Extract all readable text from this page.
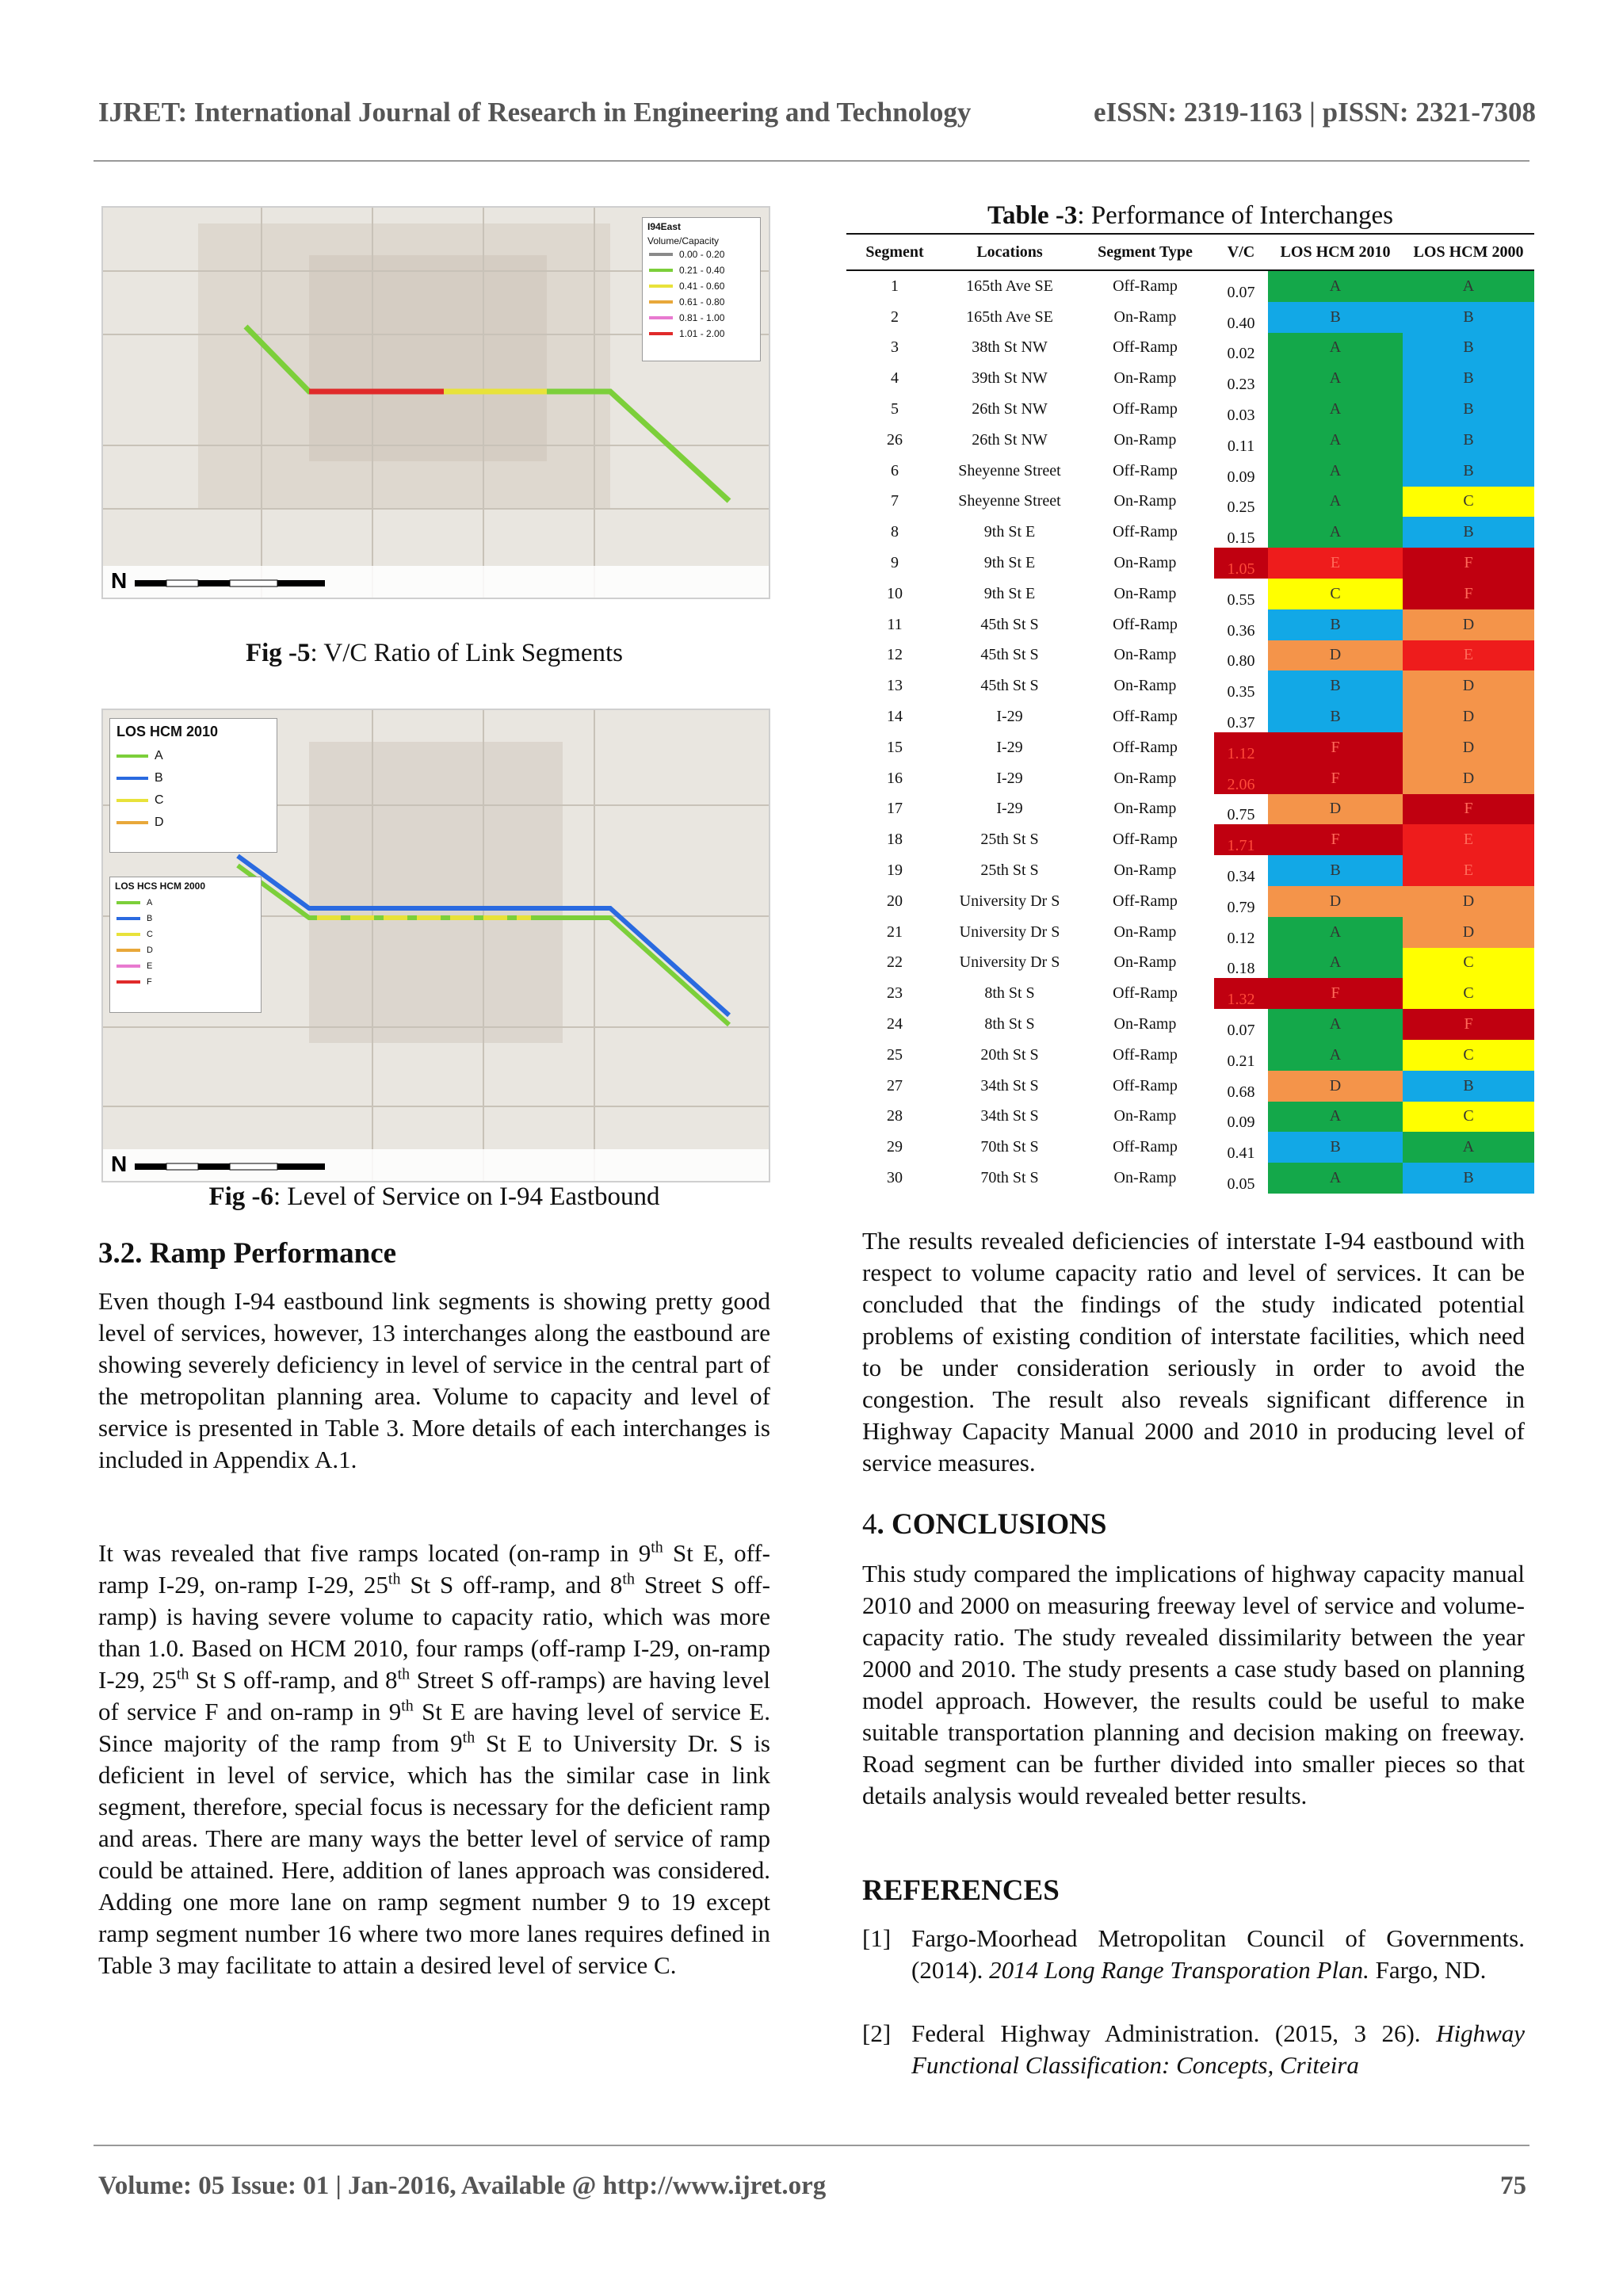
IJRET: International Journal of Research in Engineering and Technology	eISSN: 2319-1163 | pISSN: 2321-7308
N
I94East
Volume/Capacity
0.00 - 0.20
0.21 - 0.40
0.41 - 0.60
0.61 - 0.80
0.81 - 1.00
1.01 - 2.00
Fig -5: V/C Ratio of Link Segments
N
LOS HCM 2010
A
B
C
D
LOS HCS HCM 2000
A
B
C
D
E
F
Fig -6: Level of Service on I-94 Eastbound
3.2. Ramp Performance
Even though I-94 eastbound link segments is showing pretty good level of services, however, 13 interchanges along the eastbound are showing severely deficiency in level of service in the central part of the metropolitan planning area. Volume to capacity and level of service is presented in Table 3. More details of each interchanges is included in Appendix A.1.
It was revealed that five ramps located (on-ramp in 9th St E, off-ramp I-29, on-ramp I-29, 25th St S off-ramp, and 8th Street S off-ramp) is having severe volume to capacity ratio, which was more than 1.0. Based on HCM 2010, four ramps (off-ramp I-29, on-ramp I-29, 25th St S off-ramp, and 8th Street S off-ramps) are having level of service F and on-ramp in 9th St E are having level of service E. Since majority of the ramp from 9th St E to University Dr. S is deficient in level of service, which has the similar case in link segment, therefore, special focus is necessary for the deficient ramp and areas. There are many ways the better level of service of ramp could be attained. Here, addition of lanes approach was considered. Adding one more lane on ramp segment number 9 to 19 except ramp segment number 16 where two more lanes requires defined in Table 3 may facilitate to attain a desired level of service C.
Table -3: Performance of Interchanges
Segment	Locations	Segment Type	V/C	LOS HCM 2010	LOS HCM 2000
1	165th Ave SE	Off-Ramp	0.07	A	A
2	165th Ave SE	On-Ramp	0.40	B	B
3	38th St NW	Off-Ramp	0.02	A	B
4	39th St NW	On-Ramp	0.23	A	B
5	26th St NW	Off-Ramp	0.03	A	B
26	26th St NW	On-Ramp	0.11	A	B
6	Sheyenne Street	Off-Ramp	0.09	A	B
7	Sheyenne Street	On-Ramp	0.25	A	C
8	9th St E	Off-Ramp	0.15	A	B
9	9th St E	On-Ramp	1.05	E	F
10	9th St E	On-Ramp	0.55	C	F
11	45th St S	Off-Ramp	0.36	B	D
12	45th St S	On-Ramp	0.80	D	E
13	45th St S	On-Ramp	0.35	B	D
14	I-29	Off-Ramp	0.37	B	D
15	I-29	Off-Ramp	1.12	F	D
16	I-29	On-Ramp	2.06	F	D
17	I-29	On-Ramp	0.75	D	F
18	25th St S	Off-Ramp	1.71	F	E
19	25th St S	On-Ramp	0.34	B	E
20	University Dr S	Off-Ramp	0.79	D	D
21	University Dr S	On-Ramp	0.12	A	D
22	University Dr S	On-Ramp	0.18	A	C
23	8th St S	Off-Ramp	1.32	F	C
24	8th St S	On-Ramp	0.07	A	F
25	20th St S	Off-Ramp	0.21	A	C
27	34th St S	Off-Ramp	0.68	D	B
28	34th St S	On-Ramp	0.09	A	C
29	70th St S	Off-Ramp	0.41	B	A
30	70th St S	On-Ramp	0.05	A	B
The results revealed deficiencies of interstate I-94 eastbound with respect to volume capacity ratio and level of services. It can be concluded that the findings of the study indicated potential problems of existing condition of interstate facilities, which need to be under consideration seriously in order to avoid the congestion. The result also reveals significant difference in Highway Capacity Manual 2000 and 2010 in producing level of service measures.
4. CONCLUSIONS
This study compared the implications of highway capacity manual 2010 and 2000 on measuring freeway level of service and volume-capacity ratio. The study revealed dissimilarity between the year 2000 and 2010. The study presents a case study based on planning model approach. However, the results could be useful to make suitable transportation planning and decision making on freeway. Road segment can be further divided into smaller pieces so that details analysis would revealed better results.
REFERENCES
[1] Fargo-Moorhead Metropolitan Council of Governments. (2014). 2014 Long Range Transporation Plan. Fargo, ND.
[2] Federal Highway Administration. (2015, 3 26). Highway Functional Classification: Concepts, Criteira
Volume: 05 Issue: 01 | Jan-2016, Available @ http://www.ijret.org	75
